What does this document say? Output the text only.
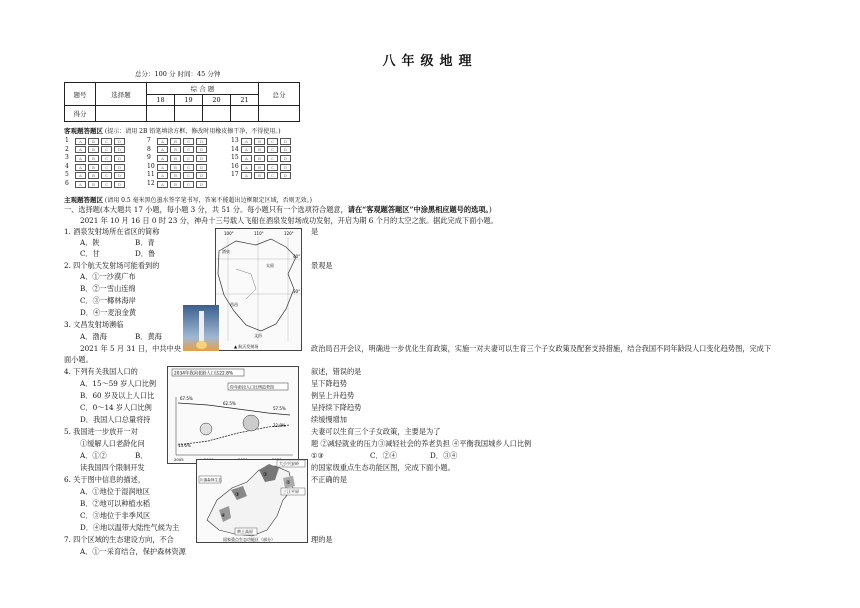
八年级地理
总分：100 分 时间：45 分钟
题号	选择题	综 合 题				总分
		18	19	20	21	
得分						
客观题答题区 (提示：请用 2B 铅笔填涂方框，修改时用橡皮擦干净，不得使用。)
1	A	B	C	D
2	A	B	C	D
3	A	B	C	D
4	A	B	C	D
5	A	B	C	D
6	A	B	C	D
7	A	B	C	D
8	A	B	C	D
9	A	B	C	D
10	A	B	C	D
11	A	B	C	D
12	A	B	C	D
13	A	B	C	D
14	A	B	C	D
15	A	B	C	D
16	A	B	C	D
17	A	B	C	D
主观题答题区 (请用 0.5 毫米黑色墨水签字笔书写，答案不能超出边框限定区域，否则无效。)
一、选择题(本大题共 17 小题，每小题 3 分，共 51 分。每小题只有一个选项符合题意，请在“客观题答题区”中涂黑相应题号的选项。)
2021 年 10 月 16 日 0 时 23 分，神舟十三号载人飞船在酒泉发射场成功发射，开启为期 6 个月的太空之旅。据此完成下面小题。
1. 酒泉发射场所在省区的简称	是
A．陕	B．青
C．甘	D．鲁
2. 四个航天发射场可能看到的	景观是
A．①一沙漠广布
B．②一雪山连绵
C．③一椰林海岸
D．④一麦浪金黄
3. 文昌发射场濒临
A．渤海	B．黄海
100°	110°	120°
40°
30°
酒泉
太原
西昌
文昌
▲ 航天发射场
2021 年 5 月 31 日，中共中央	政治局召开会议，明确进一步优化生育政策，实施一对夫妻可以生育三个子女政策及配套支持措施，结合我国不同年龄段人口变化趋势图，完成下
面小题。
4. 下列有关我国人口的	叙述，错误的是
A．15～59 岁人口比例	呈下降趋势
B．60 岁及以上人口比	例呈上升趋势
C．0～14 岁人口比例	呈持续下降趋势
D．我国人口总量将持	续缓慢增加
5. 我国进一步放开一对	夫妻可以生育三个子女政策，主要是为了
①缓解人口老龄化问	题 ②减轻就业的压力③减轻社会的养老负担 ④平衡我国城乡人口比例
A．①②	B．	①③	C．②④	D．③④
2034年我国老龄人口达22.8%
你年龄段人口比例趋势图
67.5%
62.5%
57.5%
22.8%
13.6%
2005
读我国四个限制开发	的国家级重点生态功能区图，完成下面小题。
6. 关于图中信息的描述，	不正确的是
A．①地位于湿润地区
B．②地可以种植水稻
C．③地位于非季风区
D．④地以温带大陆性气候为主
7. 四个区域的生态建设方向，不合	理的是
A．①一采育结合，保护森林资源
大小兴安岭
三江平原
①
②
③
④
川滇森林生态
黄土高原
国家重点生态功能区（部分）
